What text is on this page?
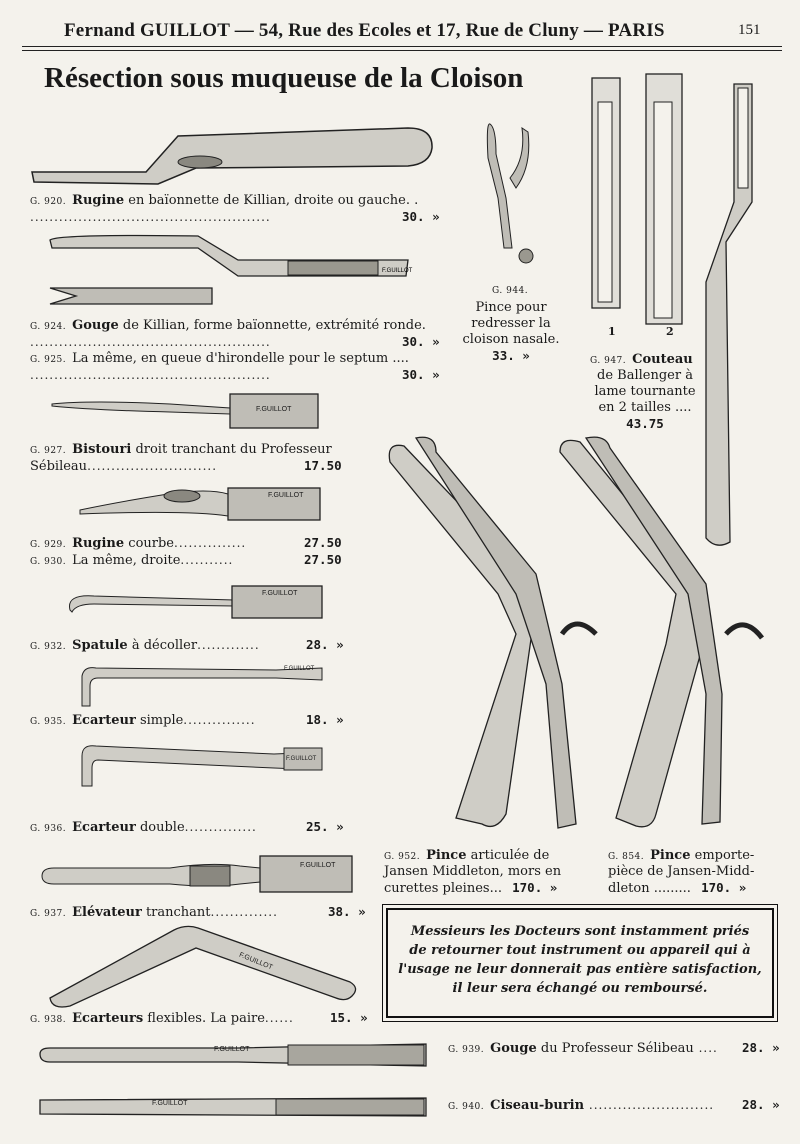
Fernand GUILLOT — 54, Rue des Ecoles et 17, Rue de Cluny — PARIS	151
Résection sous muqueuse de la Cloison
F.GUILLOT
F.GUILLOT
F.GUILLOT
F.GUILLOT
F.GUILLOT
F.GUILLOT
F.GUILLOT
F.GUILLOT
F.GUILLOT
F.GUILLOT
1	2
G. 920. Rugine en baïonnette de Killian, droite ou gauche. .
..................................................	30. »
G. 924. Gouge de Killian, forme baïonnette, extrémité ronde.
..................................................	30. »
G. 925. La même, en queue d'hirondelle pour le septum ....
..................................................	30. »
G. 927. Bistouri droit tranchant du Professeur
Sébileau...........................	17.50
G. 929. Rugine courbe...............	27.50
G. 930. La même, droite...........	27.50
G. 932. Spatule à décoller.............	28. »
G. 935. Ecarteur simple...............	18. »
G. 936. Ecarteur double...............	25. »
G. 937. Elévateur tranchant..............	38. »
G. 938. Ecarteurs flexibles. La paire......	15. »
G. 939. Gouge du Professeur Sélibeau .... 28. »
G. 940. Ciseau-burin .......................... 28. »
G. 944.
Pince pour
redresser la
cloison nasale.
33. »	G. 947. Couteau
de Ballenger à
lame tournante
en 2 tailles ....
43.75
G. 952. Pince articulée de
Jansen Middleton, mors en
curettes pleines... 170. »
G. 854. Pince emporte-
pièce de Jansen-Midd-
dleton ......... 170. »
Messieurs les Docteurs sont instamment priés
de retourner tout instrument ou appareil qui à
l'usage ne leur donnerait pas entière satisfaction,
il leur sera échangé ou remboursé.
